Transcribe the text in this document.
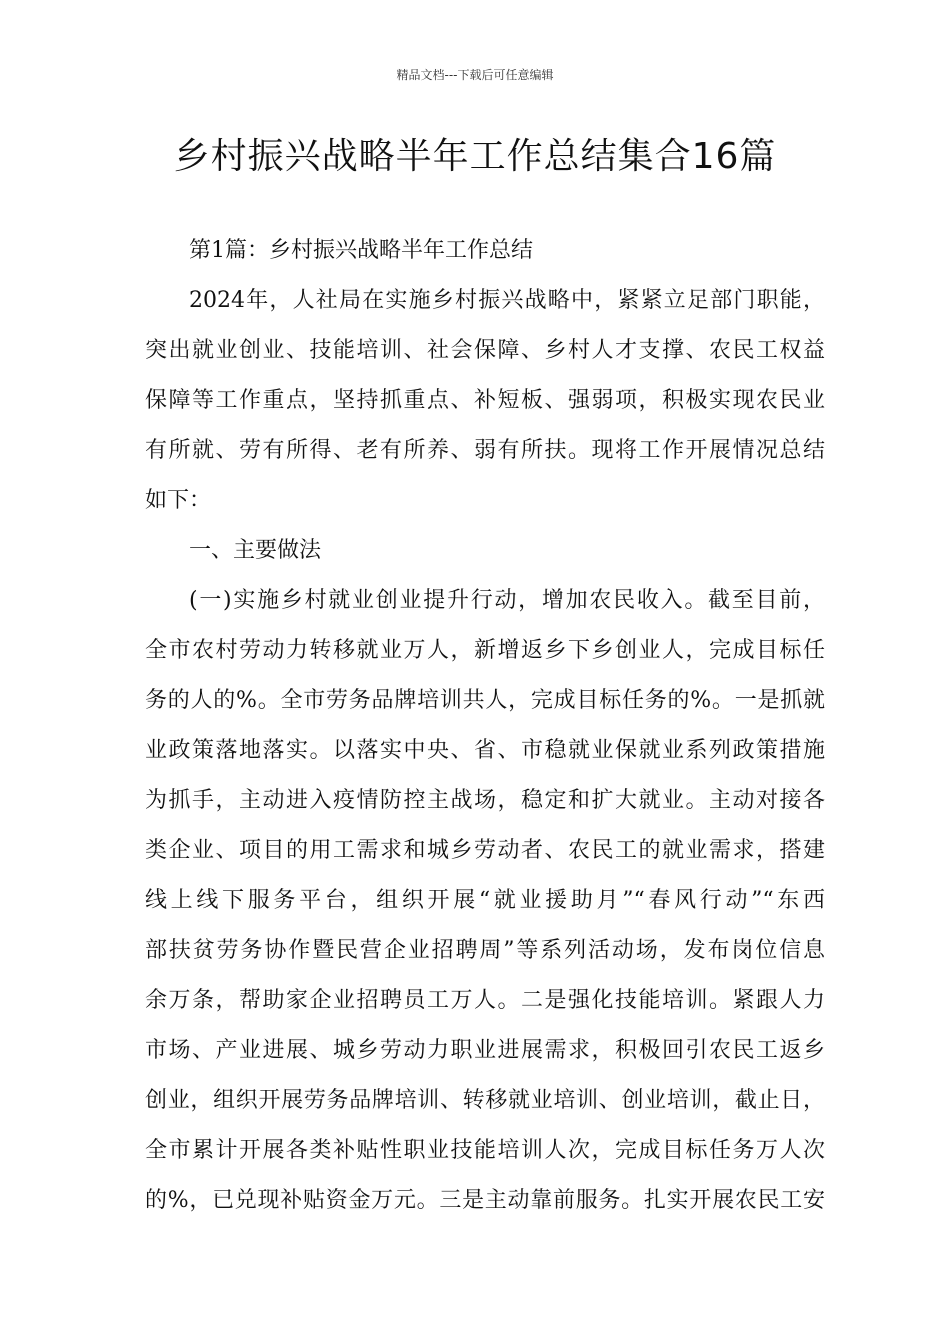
精品文档---下载后可任意编辑
乡村振兴战略半年工作总结集合16篇

第1篇：乡村振兴战略半年工作总结

2024年，人社局在实施乡村振兴战略中，紧紧立足部门职能，
突出就业创业、技能培训、社会保障、乡村人才支撑、农民工权益
保障等工作重点，坚持抓重点、补短板、强弱项，积极实现农民业
有所就、劳有所得、老有所养、弱有所扶。现将工作开展情况总结
如下：

一、主要做法

(一)实施乡村就业创业提升行动，增加农民收入。截至目前，
全市农村劳动力转移就业万人，新增返乡下乡创业人，完成目标任
务的人的%。全市劳务品牌培训共人，完成目标任务的%。一是抓就
业政策落地落实。以落实中央、省、市稳就业保就业系列政策措施
为抓手，主动进入疫情防控主战场，稳定和扩大就业。主动对接各
类企业、项目的用工需求和城乡劳动者、农民工的就业需求，搭建
线上线下服务平台，组织开展“就业援助月”“春风行动”“东西
部扶贫劳务协作暨民营企业招聘周”等系列活动场，发布岗位信息
余万条，帮助家企业招聘员工万人。二是强化技能培训。紧跟人力
市场、产业进展、城乡劳动力职业进展需求，积极回引农民工返乡
创业，组织开展劳务品牌培训、转移就业培训、创业培训，截止日，
全市累计开展各类补贴性职业技能培训人次，完成目标任务万人次
的%，已兑现补贴资金万元。三是主动靠前服务。扎实开展农民工安
